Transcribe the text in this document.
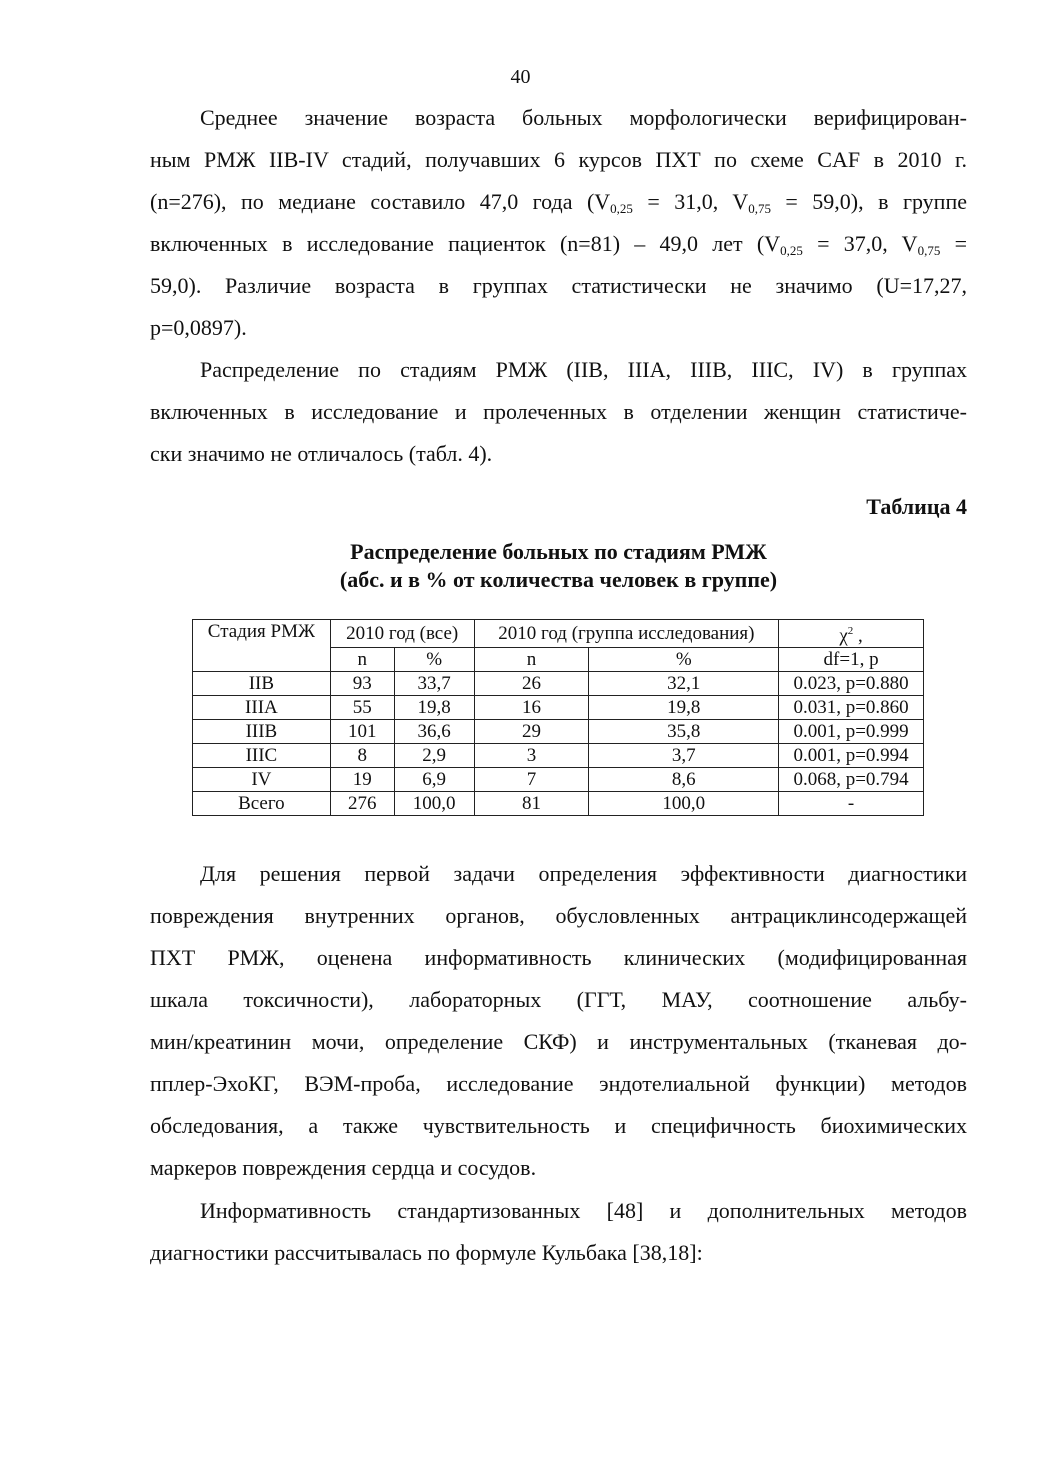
40
Среднее значение возраста больных морфологически верифицирован-
ным РМЖ IIB-IV стадий, получавших 6 курсов ПХТ по схеме CAF в 2010 г.
(n=276), по медиане составило 47,0 года ($V_{0,25} = 31,0$, $V_{0,75} = 59,0$), в группе
включенных в исследование пациенток (n=81) – 49,0 лет ($V_{0,25} = 37,0$, $V_{0,75}$ =
59,0). Различие возраста в группах статистически не значимо (U=17,27,
p=0,0897).
Распределение по стадиям РМЖ (IIB, IIIA, IIIB, IIIC, IV) в группах
включенных в исследование и пролеченных в отделении женщин статистиче-
ски значимо не отличалось (табл. 4).
Таблица 4
Распределение больных по стадиям РМЖ
(абс. и в % от количества человек в группе)
Стадия РМЖ	2010 год (все)		2010 год (группа исследования)		$\chi^2$ ,
	n	%	n	%	df=1, p
IIB	93	33,7	26	32,1	0.023, p=0.880
IIIA	55	19,8	16	19,8	0.031, p=0.860
IIIB	101	36,6	29	35,8	0.001, p=0.999
IIIC	8	2,9	3	3,7	0.001, p=0.994
IV	19	6,9	7	8,6	0.068, p=0.794
Всего	276	100,0	81	100,0	-
Для решения первой задачи определения эффективности диагностики
повреждения внутренних органов, обусловленных антрациклинсодержащей
ПХТ РМЖ, оценена информативность клинических (модифицированная
шкала токсичности), лабораторных (ГГТ, МАУ, соотношение альбу-
мин/креатинин мочи, определение СКФ) и инструментальных (тканевая до-
пплер-ЭхоКГ, ВЭМ-проба, исследование эндотелиальной функции) методов
обследования, а также чувствительность и специфичность биохимических
маркеров повреждения сердца и сосудов.
Информативность стандартизованных [48] и дополнительных методов
диагностики рассчитывалась по формуле Кульбака [38,18]:
